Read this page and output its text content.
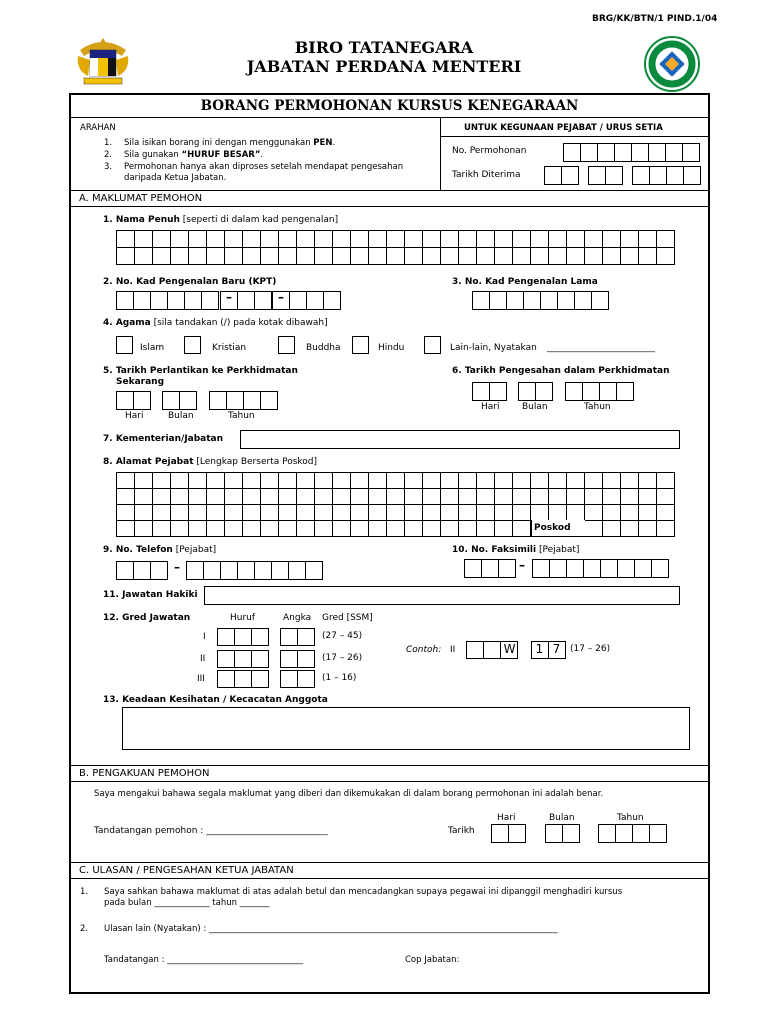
BRG/KK/BTN/1 PIND.1/04
BIRO TATANEGARA
JABATAN PERDANA MENTERI
BORANG PERMOHONAN KURSUS KENEGARAAN
ARAHAN
1. Sila isikan borang ini dengan menggunakan PEN.
2. Sila gunakan “HURUF BESAR”.
3. Permohonan hanya akan diproses setelah mendapat pengesahan
daripada Ketua Jabatan.
UNTUK KEGUNAAN PEJABAT / URUS SETIA
No. Permohonan
Tarikh Diterima
A. MAKLUMAT PEMOHON
1. Nama Penuh [seperti di dalam kad pengenalan]
2. No. Kad Pengenalan Baru (KPT)
–	–
3. No. Kad Pengenalan Lama
4. Agama [sila tandakan (/) pada kotak dibawah]
Islam	Kristian	Buddha	Hindu	Lain-lain, Nyatakan ________________________
5. Tarikh Perlantikan ke Perkhidmatan
Sekarang
Hari	Bulan	Tahun
6. Tarikh Pengesahan dalam Perkhidmatan
Hari	Bulan	Tahun
7. Kementerian/Jabatan
8. Alamat Pejabat [Lengkap Berserta Poskod]
Poskod
9. No. Telefon [Pejabat]
–
10. No. Faksimili [Pejabat]
–
11. Jawatan Hakiki
12. Gred Jawatan	Huruf	Angka Gred [SSM]
I	(27 – 45)
II	(17 – 26)
III	(1 – 16)
Contoh: II	W	1 7	(17 – 26)
13. Keadaan Kesihatan / Kecacatan Anggota
B. PENGAKUAN PEMOHON
Saya mengakui bahawa segala maklumat yang diberi dan dikemukakan di dalam borang permohonan ini adalah benar.
Hari	Bulan	Tahun
Tandatangan pemohon : ___________________________	Tarikh
C. ULASAN / PENGESAHAN KETUA JABATAN
1. Saya sahkan bahawa maklumat di atas adalah betul dan mencadangkan supaya pegawai ini dipanggil menghadiri kursus
pada bulan _____________ tahun _______
2. Ulasan lain (Nyatakan) : __________________________________________________________________________________
Tandatangan : ________________________________	Cop Jabatan:
